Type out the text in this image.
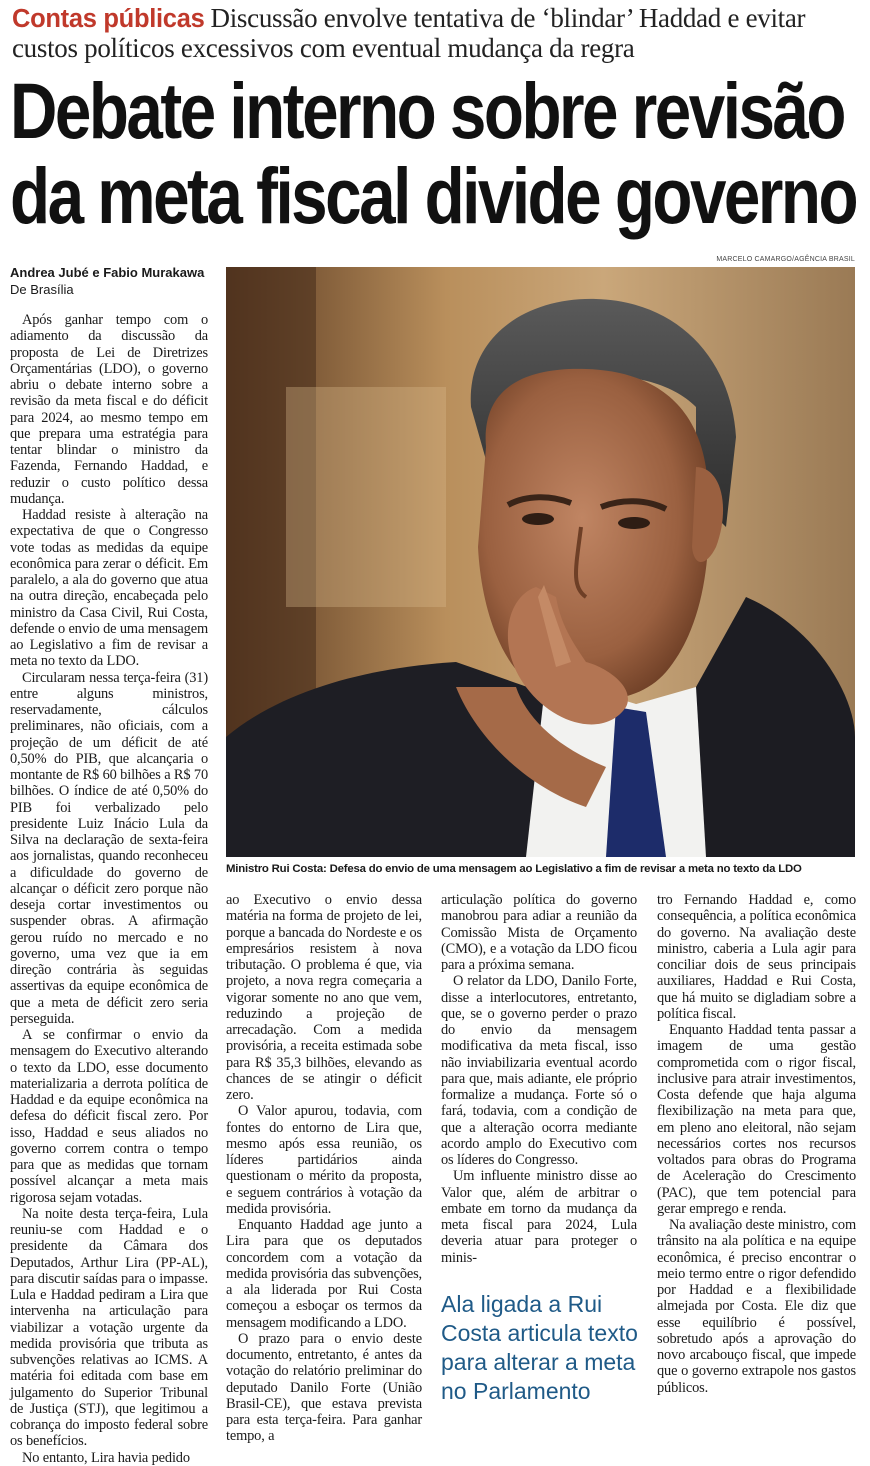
Contas públicas Discussão envolve tentativa de ‘blindar’ Haddad e evitar custos políticos excessivos com eventual mudança da regra
Debate interno sobre revisão
da meta fiscal divide governo
Andrea Jubé e Fabio Murakawa
De Brasília
MARCELO CAMARGO/AGÊNCIA BRASIL
Ministro Rui Costa: Defesa do envio de uma mensagem ao Legislativo a fim de revisar a meta no texto da LDO

Após ganhar tempo com o adiamento da discussão da proposta de Lei de Diretrizes Orçamentárias (LDO), o governo abriu o debate interno sobre a revisão da meta fiscal e do déficit para 2024, ao mesmo tempo em que prepara uma estratégia para tentar blindar o ministro da Fazenda, Fernando Haddad, e reduzir o custo político dessa mudança.

Haddad resiste à alteração na expectativa de que o Congresso vote todas as medidas da equipe econômica para zerar o déficit. Em paralelo, a ala do governo que atua na outra direção, encabeçada pelo ministro da Casa Civil, Rui Costa, defende o envio de uma mensagem ao Legislativo a fim de revisar a meta no texto da LDO.

Circularam nessa terça-feira (31) entre alguns ministros, reservadamente, cálculos preliminares, não oficiais, com a projeção de um déficit de até 0,50% do PIB, que alcançaria o montante de R$ 60 bilhões a R$ 70 bilhões. O índice de até 0,50% do PIB foi verbalizado pelo presidente Luiz Inácio Lula da Silva na declaração de sexta-feira aos jornalistas, quando reconheceu a dificuldade do governo de alcançar o déficit zero porque não deseja cortar investimentos ou suspender obras. A afirmação gerou ruído no mercado e no governo, uma vez que ia em direção contrária às seguidas assertivas da equipe econômica de que a meta de déficit zero seria perseguida.

A se confirmar o envio da mensagem do Executivo alterando o texto da LDO, esse documento materializaria a derrota política de Haddad e da equipe econômica na defesa do déficit fiscal zero. Por isso, Haddad e seus aliados no governo correm contra o tempo para que as medidas que tornam possível alcançar a meta mais rigorosa sejam votadas.

Na noite desta terça-feira, Lula reuniu-se com Haddad e o presidente da Câmara dos Deputados, Arthur Lira (PP-AL), para discutir saídas para o impasse. Lula e Haddad pediram a Lira que intervenha na articulação para viabilizar a votação urgente da medida provisória que tributa as subvenções relativas ao ICMS. A matéria foi editada com base em julgamento do Superior Tribunal de Justiça (STJ), que legitimou a cobrança do imposto federal sobre os benefícios.

No entanto, Lira havia pedido

ao Executivo o envio dessa matéria na forma de projeto de lei, porque a bancada do Nordeste e os empresários resistem à nova tributação. O problema é que, via projeto, a nova regra começaria a vigorar somente no ano que vem, reduzindo a projeção de arrecadação. Com a medida provisória, a receita estimada sobe para R$ 35,3 bilhões, elevando as chances de se atingir o déficit zero.

O Valor apurou, todavia, com fontes do entorno de Lira que, mesmo após essa reunião, os líderes partidários ainda questionam o mérito da proposta, e seguem contrários à votação da medida provisória.

Enquanto Haddad age junto a Lira para que os deputados concordem com a votação da medida provisória das subvenções, a ala liderada por Rui Costa começou a esboçar os termos da mensagem modificando a LDO.

O prazo para o envio deste documento, entretanto, é antes da votação do relatório preliminar do deputado Danilo Forte (União Brasil-CE), que estava prevista para esta terça-feira. Para ganhar tempo, a

articulação política do governo manobrou para adiar a reunião da Comissão Mista de Orçamento (CMO), e a votação da LDO ficou para a próxima semana.

O relator da LDO, Danilo Forte, disse a interlocutores, entretanto, que, se o governo perder o prazo do envio da mensagem modificativa da meta fiscal, isso não inviabilizaria eventual acordo para que, mais adiante, ele próprio formalize a mudança. Forte só o fará, todavia, com a condição de que a alteração ocorra mediante acordo amplo do Executivo com os líderes do Congresso.

Um influente ministro disse ao Valor que, além de arbitrar o embate em torno da mudança da meta fiscal para 2024, Lula deveria atuar para proteger o minis-

Ala ligada a Rui Costa articula texto para alterar a meta no Parlamento

tro Fernando Haddad e, como consequência, a política econômica do governo. Na avaliação deste ministro, caberia a Lula agir para conciliar dois de seus principais auxiliares, Haddad e Rui Costa, que há muito se digladiam sobre a política fiscal.

Enquanto Haddad tenta passar a imagem de uma gestão comprometida com o rigor fiscal, inclusive para atrair investimentos, Costa defende que haja alguma flexibilização na meta para que, em pleno ano eleitoral, não sejam necessários cortes nos recursos voltados para obras do Programa de Aceleração do Crescimento (PAC), que tem potencial para gerar emprego e renda.

Na avaliação deste ministro, com trânsito na ala política e na equipe econômica, é preciso encontrar o meio termo entre o rigor defendido por Haddad e a flexibilidade almejada por Costa. Ele diz que esse equilíbrio é possível, sobretudo após a aprovação do novo arcabouço fiscal, que impede que o governo extrapole nos gastos públicos.
